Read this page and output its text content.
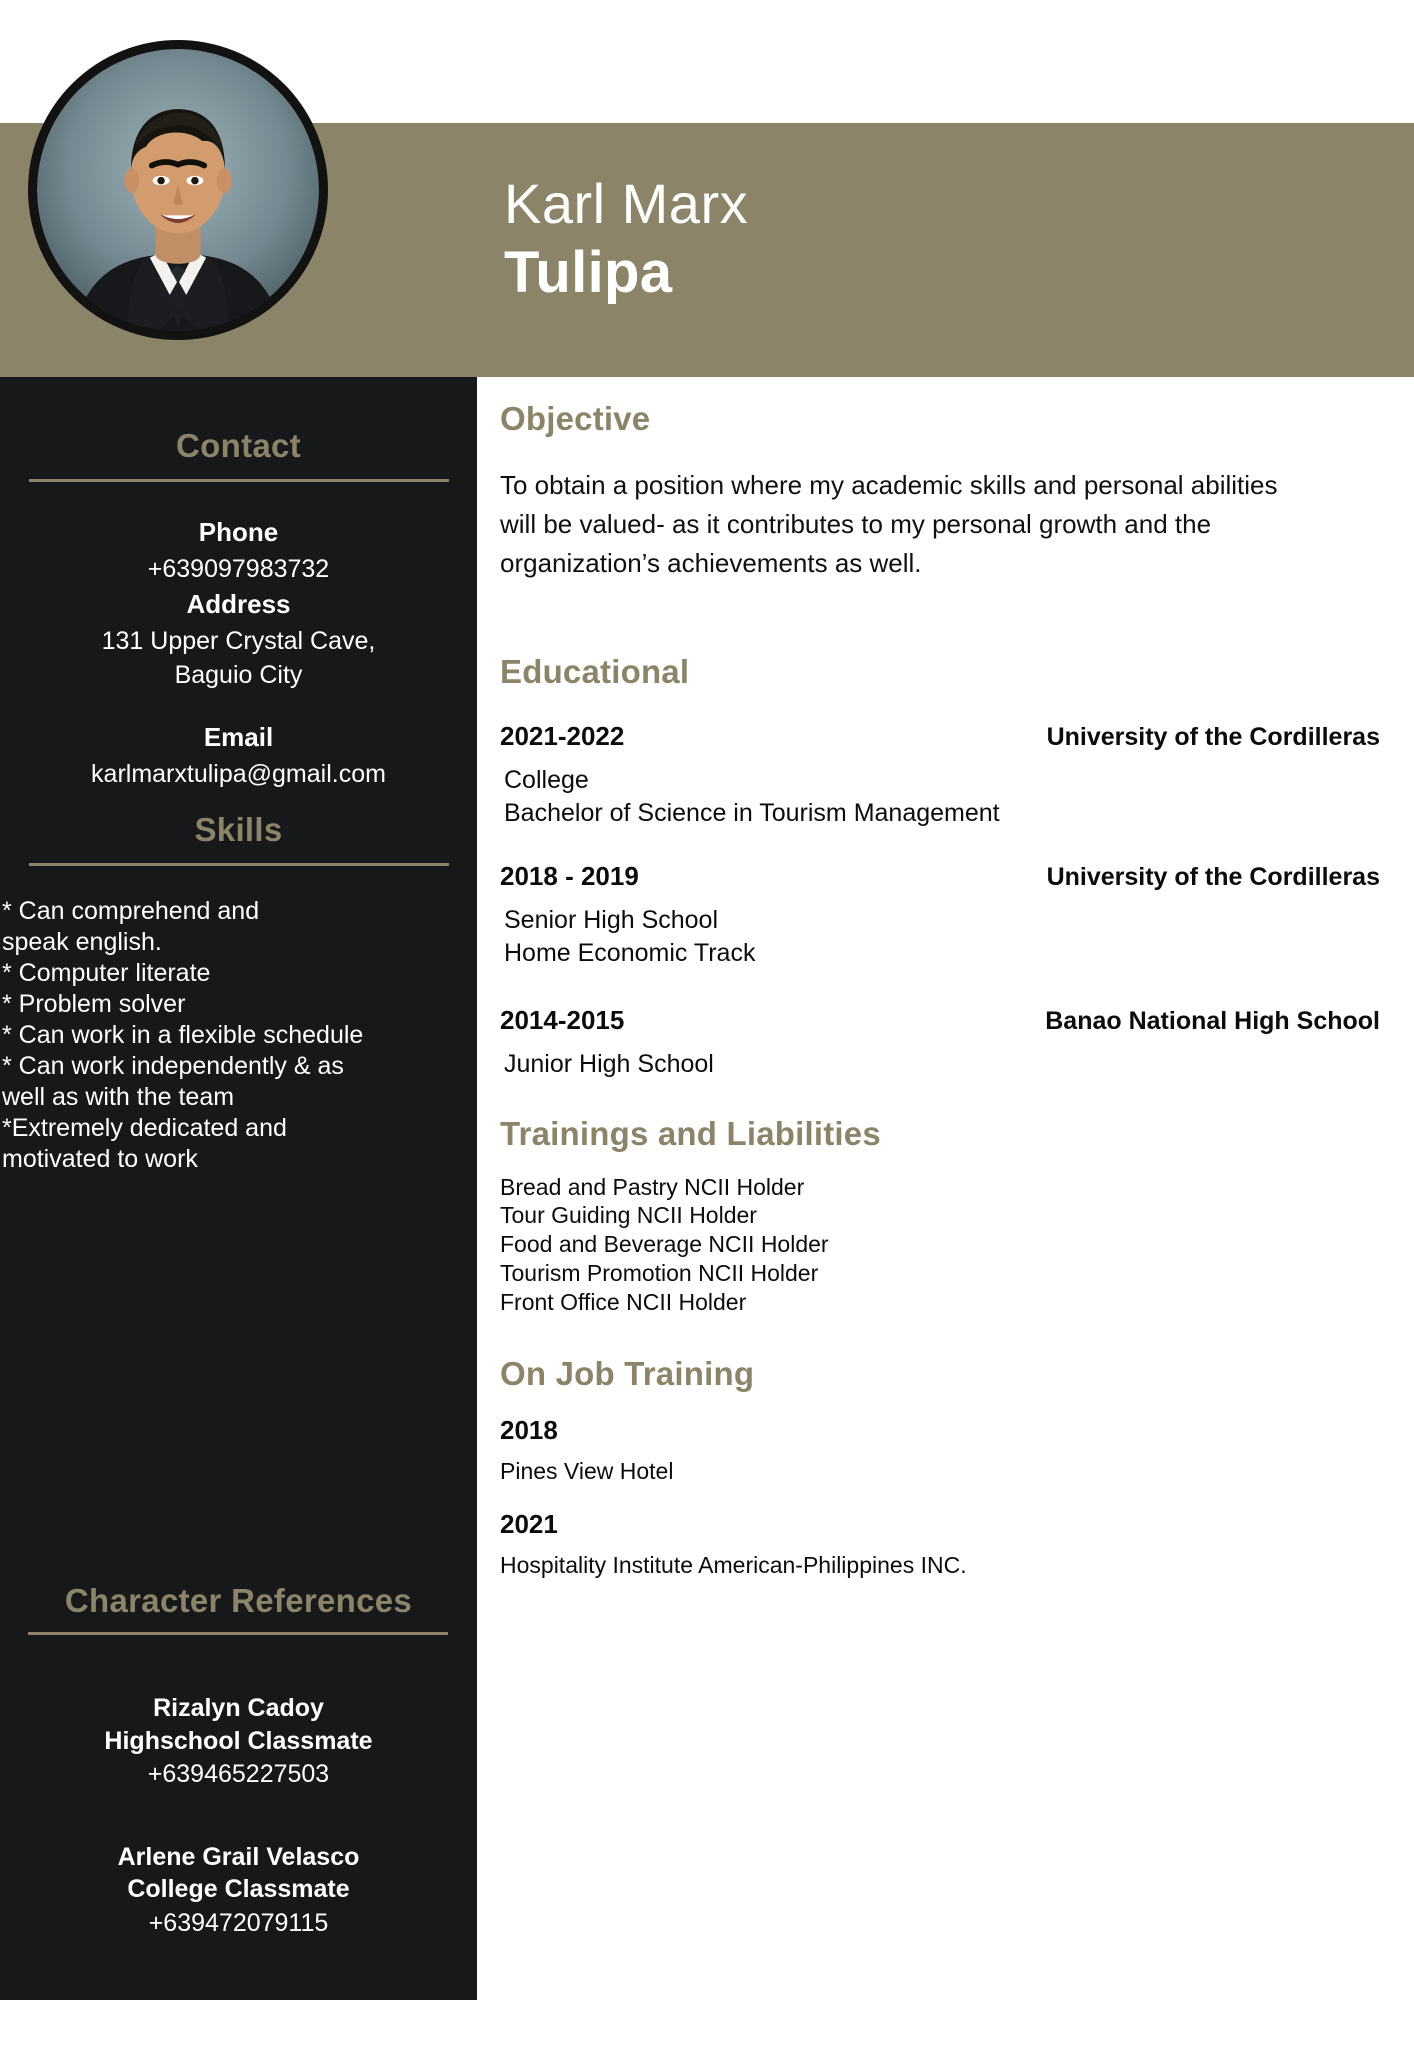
Karl Marx
Tulipa
Contact
Phone
+639097983732
Address
131 Upper Crystal Cave,
Baguio City
Email
karlmarxtulipa@gmail.com
Skills
* Can comprehend and
speak english.
* Computer literate
* Problem solver
* Can work in a flexible schedule
* Can work independently & as
well as with the team
*Extremely dedicated and
motivated to work
Character References
Rizalyn Cadoy
Highschool Classmate
+639465227503
Arlene Grail Velasco
College Classmate
+639472079115
Objective
To obtain a position where my academic skills and personal abilities will be valued- as it contributes to my personal growth and the organization’s achievements as well.
Educational
2021-2022	University of the Cordilleras
College
Bachelor of Science in Tourism Management
2018 - 2019	University of the Cordilleras
Senior High School
Home Economic Track
2014-2015	Banao National High School
Junior High School
Trainings and Liabilities
Bread and Pastry NCII Holder
Tour Guiding NCII Holder
Food and Beverage NCII Holder
Tourism Promotion NCII Holder
Front Office NCII Holder
On Job Training
2018
Pines View Hotel
2021
Hospitality Institute American-Philippines INC.
